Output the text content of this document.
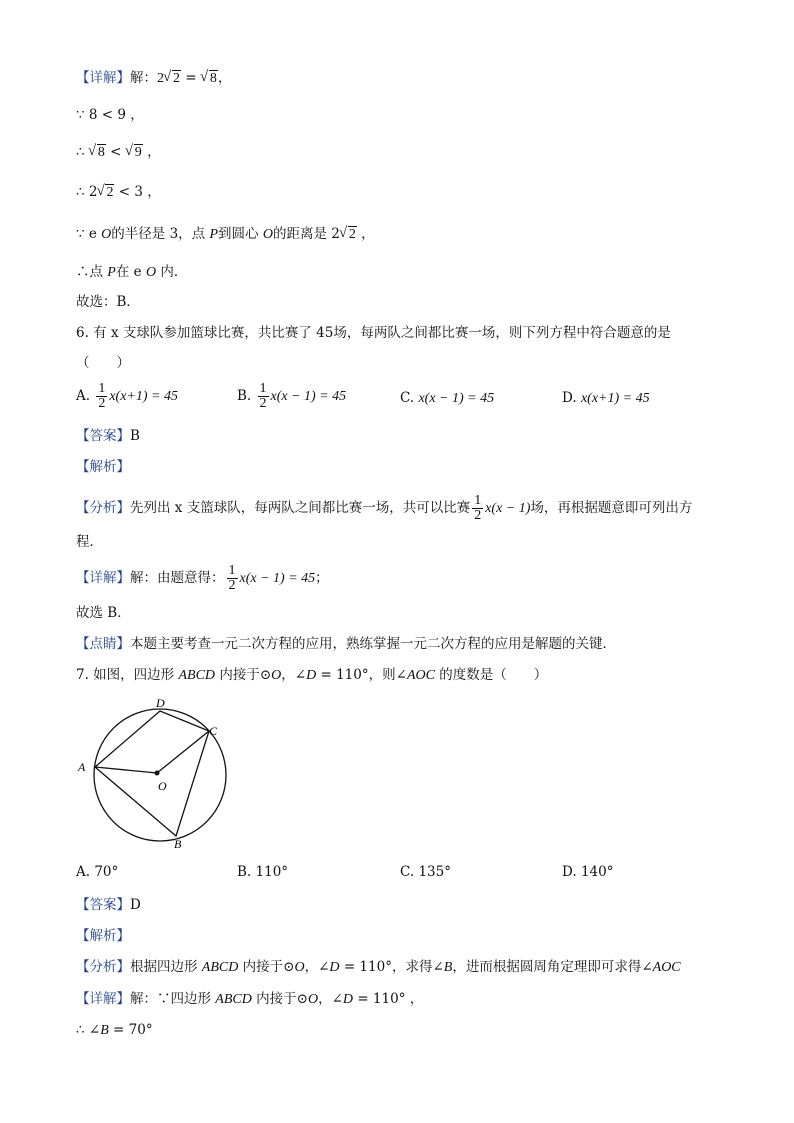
【详解】解：2 √ 2 = √ 8，
∵ 8 < 9 ，
∴ √ 8 < √ 9 ，
∴ 2 √ 2 < 3 ，
∵ e O的半径是 3，点 P到圆心 O的距离是 2 √ 2 ，
∴点 P在 e O 内．
故选：B．
6. 有 x 支球队参加篮球比赛，共比赛了 45场，每两队之间都比赛一场，则下列方程中符合题意的是
（　　）
A. $\frac{1}{2} x(x+1) = 45$	B. $\frac{1}{2} x(x - 1) = 45$	C. x(x − 1) = 45	D. x(x+1) = 45
【答案】B
【解析】
【分析】先列出 x 支篮球队，每两队之间都比赛一场，共可以比赛 $\frac{1}{2} x(x - 1)$场，再根据题意即可列出方
程．
【详解】解：由题意得： $\frac{1}{2} x(x - 1) = 45$；
故选 B．
【点睛】本题主要考查一元二次方程的应用，熟练掌握一元二次方程的应用是解题的关键．
7. 如图，四边形 ABCD 内接于⊙O，∠D = 110°，则∠AOC 的度数是（　　）
A
D
C
O
B
A. 70°	B. 110°	C. 135°	D. 140°
【答案】D
【解析】
【分析】根据四边形 ABCD 内接于⊙O，∠D = 110°，求得∠B，进而根据圆周角定理即可求得∠AOC
【详解】解：∵四边形 ABCD 内接于⊙O，∠D = 110° ，
∴ ∠B = 70°
